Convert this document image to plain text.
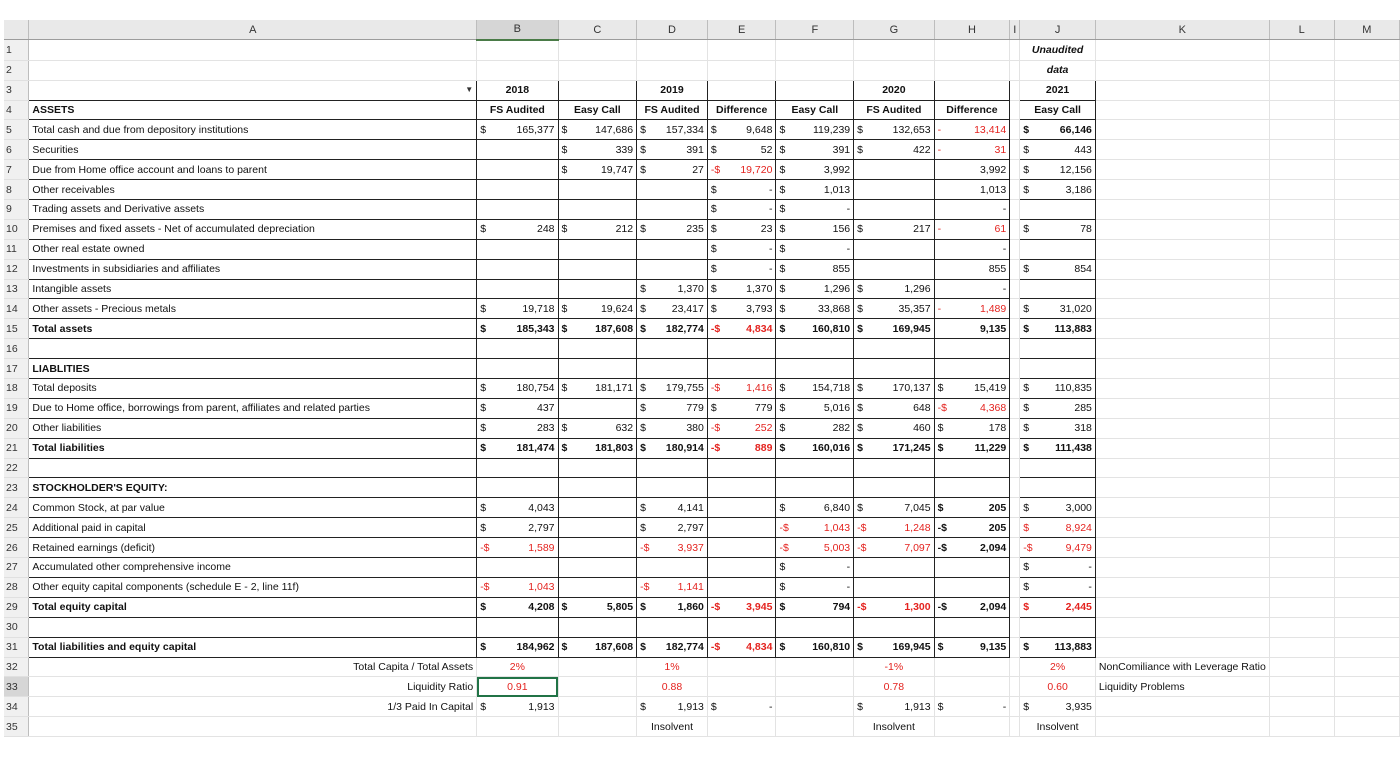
	A	B	C	D	E	F	G	H	I	J	K	L	M
1										Unaudited			
2										data			
3	▼	2018		2019			2020			2021			
4	ASSETS	FS Audited	Easy Call	FS Audited	Difference	Easy Call	FS Audited	Difference		Easy Call			
5	Total cash and due from depository institutions	$ 165,377	$ 147,686	$ 157,334	$ 9,648	$ 119,239	$ 132,653	- 13,414		$ 66,146			

6	Securities		$ 339	$ 391	$ 52	$ 391	$ 422	- 31		$ 443			

7	Due from Home office account and loans to parent		$ 19,747	$ 27	-$ 19,720	$ 3,992		3,992		$ 12,156			

8	Other receivables				$ -	$ 1,013		1,013		$ 3,186			

9	Trading assets and Derivative assets				$ -	$ -		-					

10	Premises and fixed assets - Net of accumulated depreciation	$ 248	$ 212	$ 235	$ 23	$ 156	$ 217	- 61		$ 78			

11	Other real estate owned				$ -	$ -		-					

12	Investments in subsidiaries and affiliates				$ -	$ 855		855		$ 854			

13	Intangible assets			$ 1,370	$ 1,370	$ 1,296	$ 1,296	-					

14	Other assets - Precious metals	$ 19,718	$ 19,624	$ 23,417	$ 3,793	$ 33,868	$ 35,357	- 1,489		$ 31,020			

15	Total assets	$ 185,343	$ 187,608	$ 182,774	-$ 4,834	$ 160,810	$ 169,945	9,135		$ 113,883			

16													
17	LIABLITIES												
18	Total deposits	$ 180,754	$ 181,171	$ 179,755	-$ 1,416	$ 154,718	$ 170,137	$ 15,419		$ 110,835			

19	Due to Home office, borrowings from parent, affiliates and related parties	$ 437		$ 779	$ 779	$ 5,016	$ 648	-$ 4,368		$ 285			

20	Other liabilities	$ 283	$ 632	$ 380	-$ 252	$ 282	$ 460	$ 178		$ 318			

21	Total liabilities	$ 181,474	$ 181,803	$ 180,914	-$ 889	$ 160,016	$ 171,245	$ 11,229		$ 111,438			

22													
23	STOCKHOLDER'S EQUITY:												
24	Common Stock, at par value	$ 4,043		$ 4,141		$ 6,840	$ 7,045	$ 205		$ 3,000			

25	Additional paid in capital	$ 2,797		$ 2,797		-$ 1,043	-$ 1,248	-$ 205		$ 8,924			

26	Retained earnings (deficit)	-$ 1,589		-$ 3,937		-$ 5,003	-$ 7,097	-$ 2,094		-$ 9,479			

27	Accumulated other comprehensive income					$ -				$ -			

28	Other equity capital components (schedule E - 2, line 11f)	-$ 1,043		-$ 1,141		$ -				$ -			

29	Total equity capital	$ 4,208	$ 5,805	$ 1,860	-$ 3,945	$ 794	-$ 1,300	-$ 2,094		$ 2,445			

30													
31	Total liabilities and equity capital	$ 184,962	$ 187,608	$ 182,774	-$ 4,834	$ 160,810	$ 169,945	$ 9,135		$ 113,883			

32	Total Capita / Total Assets	2%		1%			-1%			2%	NonComiliance with Leverage Ratio		
33	Liquidity Ratio	0.91		0.88			0.78			0.60	Liquidity Problems		
34	1/3 Paid In Capital	$ 1,913		$ 1,913	$ -		$ 1,913	$ -		$ 3,935			

35				Insolvent			Insolvent			Insolvent			
